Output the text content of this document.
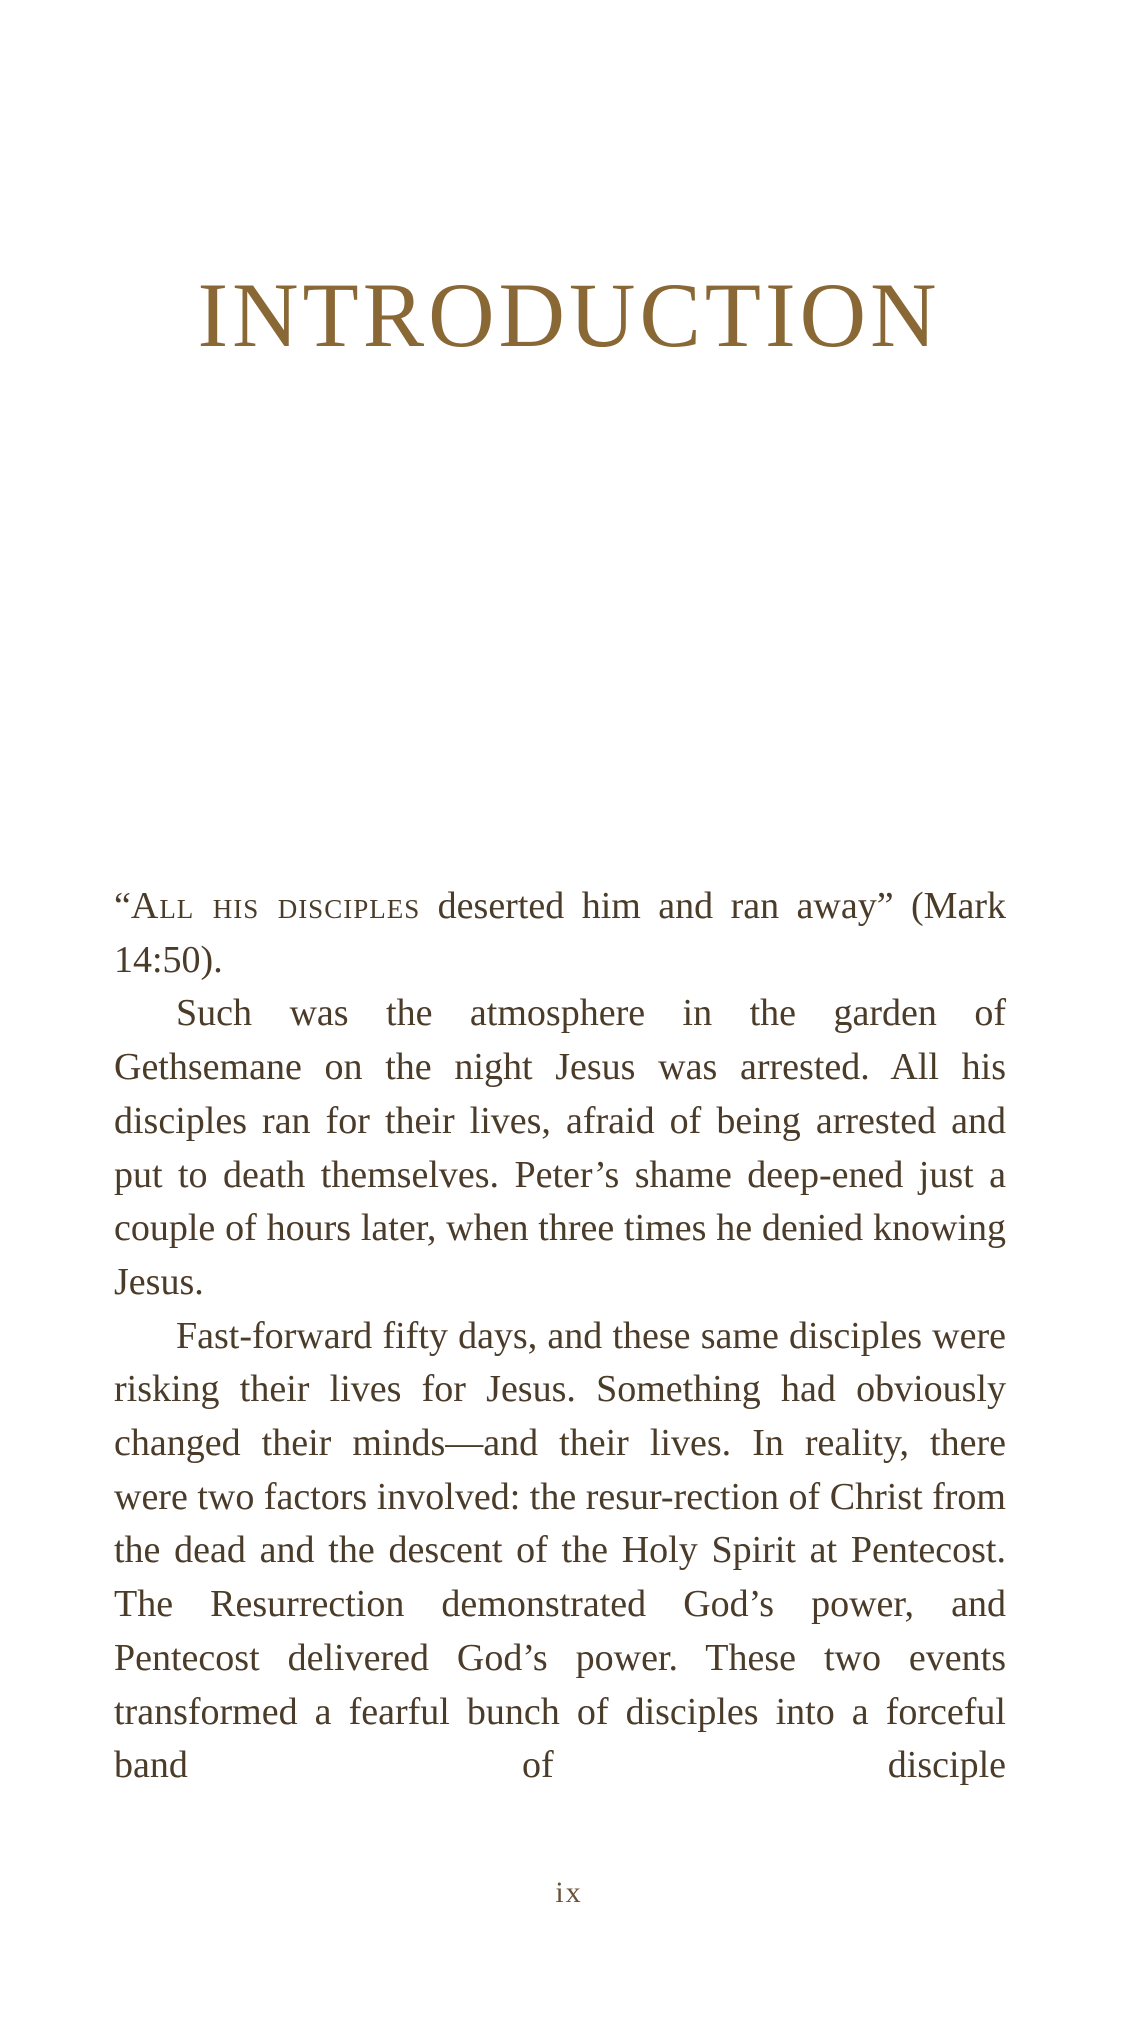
INTRODUCTION

“All his disciples deserted him and ran away” (Mark 14:50).

Such was the atmosphere in the garden of Gethsemane on the night Jesus was arrested. All his disciples ran for their lives, afraid of being arrested and put to death themselves. Peter’s shame deep-ened just a couple of hours later, when three times he denied knowing Jesus.

Fast-forward fifty days, and these same disciples were risking their lives for Jesus. Something had obviously changed their minds—and their lives. In reality, there were two factors involved: the resur-rection of Christ from the dead and the descent of the Holy Spirit at Pentecost. The Resurrection demonstrated God’s power, and Pentecost delivered God’s power. These two events transformed a fearful bunch of disciples into a forceful band of disciple

ix
